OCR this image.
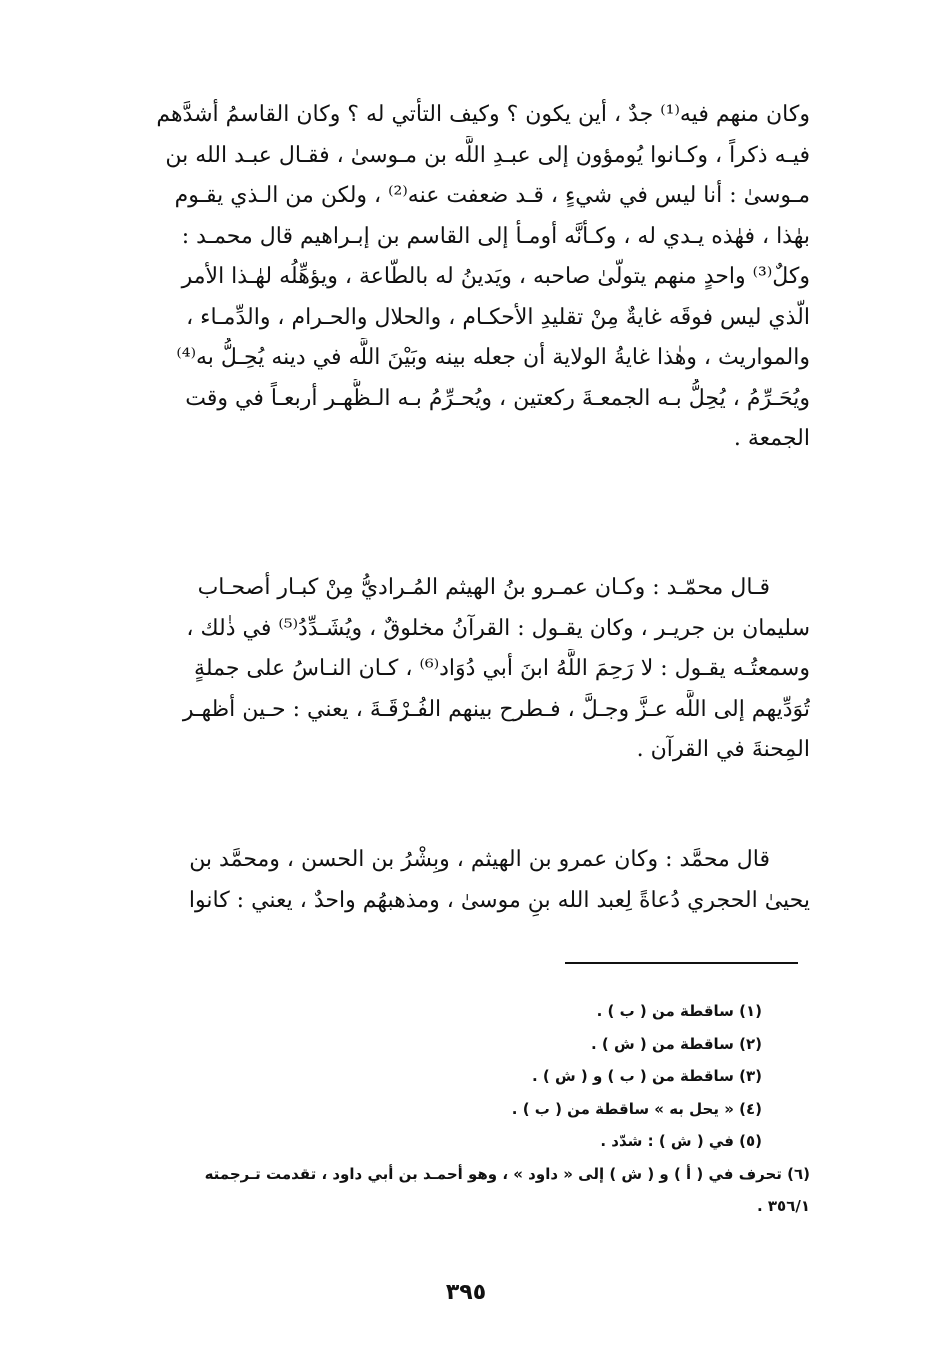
وكان منهم فيه⁽¹⁾ جدٌ ، أين يكون ؟ وكيف التأتي له ؟ وكان القاسمُ أشدَّهم
فيـه ذكراً ، وكـانوا يُومؤون إلى عبـدِ اللَّه بن مـوسىٰ ، فقـال عبـد الله بن
مـوسىٰ : أنا ليس في شيءٍ ، قـد ضعفت عنه⁽²⁾ ، ولكن من الـذي يقـوم
بهٰذا ، فهٰذه يـدي له ، وكـأنَّه أومـأ إلى القاسم بن إبـراهيم قال محمـد :
وكلٌ⁽³⁾ واحدٍ منهم يتولّىٰ صاحبه ، ويَدينُ له بالطّاعة ، ويؤهِّلُه لهٰـذا الأمر
الّذي ليس فوقَه غايةٌ مِنْ تقليدِ الأحكـام ، والحلال والحـرام ، والدِّمـاء ،
والمواريث ، وهٰذا غايةُ الولاية أن جعله بينه وبَيْنَ اللَّه في دينه يُحِـلُّ به⁽⁴⁾
ويُحَـرِّمُ ، يُحِلُّ بـه الجمعـةَ ركعتين ، ويُحـرِّمُ بـه الـظُّهـر أربعـاً في وقت
الجمعة .
قـال محمّـد : وكـان عمـرو بنُ الهيثم المُـراديُّ مِنْ كبـار أصحـاب
سليمان بن جريـر ، وكان يقـول : القرآنُ مخلوقٌ ، ويُشَـدِّدُ⁽⁵⁾ في ذٰلك ،
وسمعتُـه يقـول : لا رَحِمَ اللَّهُ ابنَ أبي دُوَاد⁽⁶⁾ ، كـان النـاسُ على جملةٍ
تُوَدِّيهم إلى اللَّه عـزَّ وجـلَّ ، فـطرح بينهم الفُـرْقَـةَ ، يعني : حـين أظهـر
المِحنةَ في القرآن .
قال محمَّد : وكان عمرو بن الهيثم ، وبِشْرُ بن الحسن ، ومحمَّد بن
يحيىٰ الحجري دُعاةً لِعبد الله بنِ موسىٰ ، ومذهبهُم واحدٌ ، يعني : كانوا
(١) ساقطة من ( ب ) .
(٢) ساقطة من ( ش ) .
(٣) ساقطة من ( ب ) و ( ش ) .
(٤) « يحل به » ساقطة من ( ب ) .
(٥) في ( ش ) : شدّد .
(٦) تحرف في ( أ ) و ( ش ) إلى « داود » ، وهو أحمـد بن أبي داود ، تقدمت تـرجمته
٣٥٦/١ .
٣٩٥
